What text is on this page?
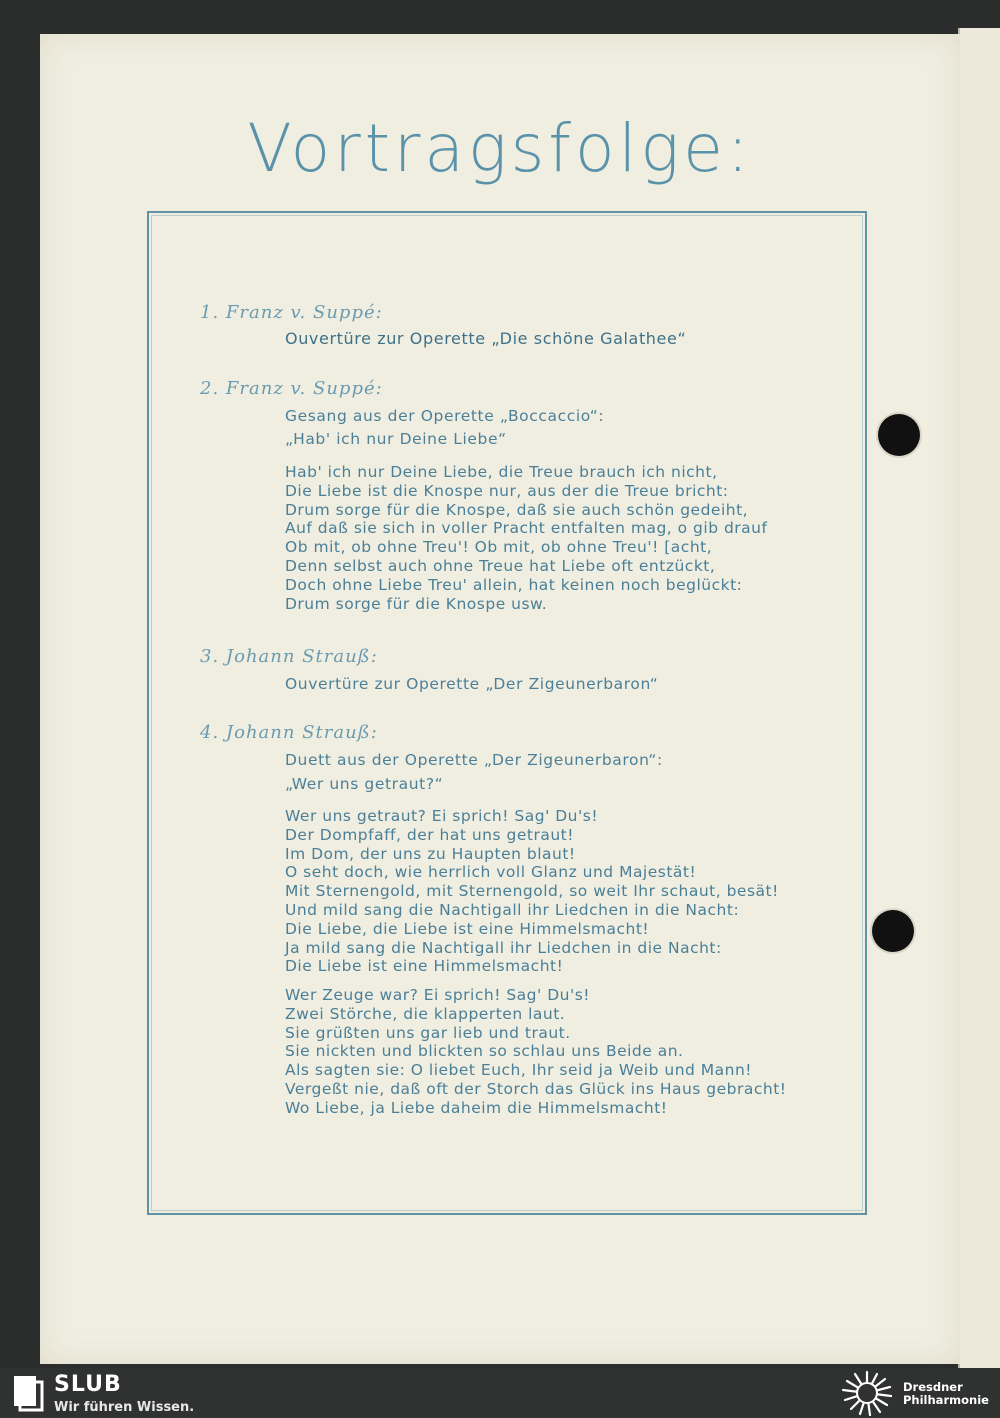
Vortragsfolge:
1. Franz v. Suppé:
Ouvertüre zur Operette „Die schöne Galathee“
2. Franz v. Suppé:
Gesang aus der Operette „Boccaccio“:
„Hab' ich nur Deine Liebe“
Hab' ich nur Deine Liebe, die Treue brauch ich nicht,
Die Liebe ist die Knospe nur, aus der die Treue bricht:
Drum sorge für die Knospe, daß sie auch schön gedeiht,
Auf daß sie sich in voller Pracht entfalten mag, o gib drauf
Ob mit, ob ohne Treu'! Ob mit, ob ohne Treu'! [acht,
Denn selbst auch ohne Treue hat Liebe oft entzückt,
Doch ohne Liebe Treu' allein, hat keinen noch beglückt:
Drum sorge für die Knospe usw.
3. Johann Strauß:
Ouvertüre zur Operette „Der Zigeunerbaron“
4. Johann Strauß:
Duett aus der Operette „Der Zigeunerbaron“:
„Wer uns getraut?“
Wer uns getraut? Ei sprich! Sag' Du's!
Der Dompfaff, der hat uns getraut!
Im Dom, der uns zu Haupten blaut!
O seht doch, wie herrlich voll Glanz und Majestät!
Mit Sternengold, mit Sternengold, so weit Ihr schaut, besät!
Und mild sang die Nachtigall ihr Liedchen in die Nacht:
Die Liebe, die Liebe ist eine Himmelsmacht!
Ja mild sang die Nachtigall ihr Liedchen in die Nacht:
Die Liebe ist eine Himmelsmacht!
Wer Zeuge war? Ei sprich! Sag' Du's!
Zwei Störche, die klapperten laut.
Sie grüßten uns gar lieb und traut.
Sie nickten und blickten so schlau uns Beide an.
Als sagten sie: O liebet Euch, Ihr seid ja Weib und Mann!
Vergeßt nie, daß oft der Storch das Glück ins Haus gebracht!
Wo Liebe, ja Liebe daheim die Himmelsmacht!
SLUB
Wir führen Wissen.
Dresdner
Philharmonie
